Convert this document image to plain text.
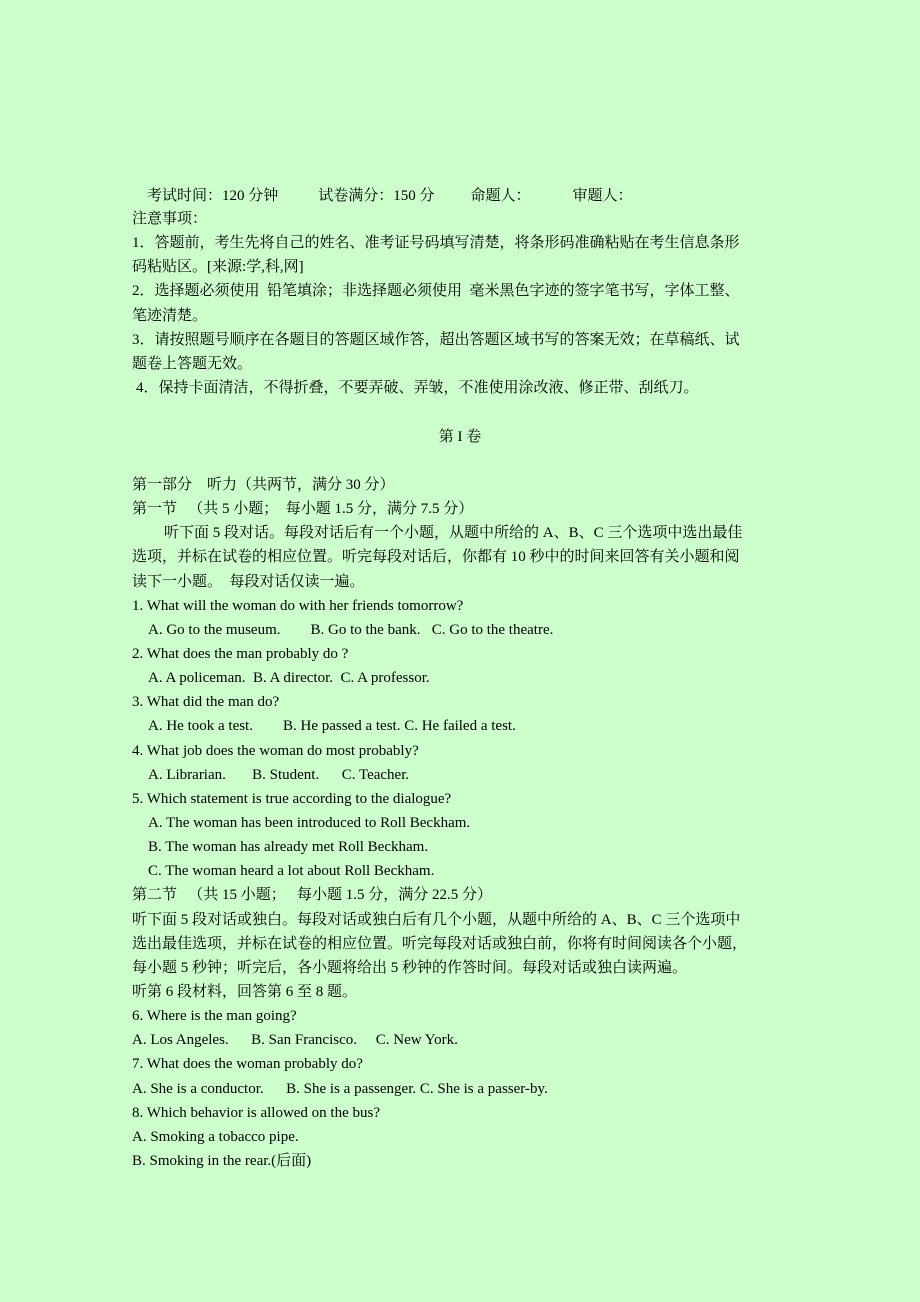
考试时间：120 分钟	试卷满分：150 分 命题人：	审题人：

注意事项：
1．答题前，考生先将自己的姓名、准考证号码填写清楚，将条形码准确粘贴在考生信息条形
码粘贴区。[来源:学,科,网]
2．选择题必须使用  铅笔填涂；非选择题必须使用  毫米黑色字迹的签字笔书写，字体工整、
笔迹清楚。
3．请按照题号顺序在各题目的答题区域作答，超出答题区域书写的答案无效；在草稿纸、试
题卷上答题无效。
4．保持卡面清洁，不得折叠，不要弄破、弄皱，不准使用涂改液、修正带、刮纸刀。
第 I 卷
第一部分    听力（共两节，满分 30 分）
第一节   （共 5 小题；  每小题 1.5 分，满分 7.5 分）
听下面 5 段对话。每段对话后有一个小题，从题中所给的 A、B、C 三个选项中选出最佳
选项，并标在试卷的相应位置。听完每段对话后，你都有 10 秒中的时间来回答有关小题和阅
读下一小题。  每段对话仅读一遍。
1. What will the woman do with her friends tomorrow?
A. Go to the museum.        B. Go to the bank.   C. Go to the theatre.
2. What does the man probably do ?
A. A policeman.  B. A director.  C. A professor.
3. What did the man do?
A. He took a test.        B. He passed a test. C. He failed a test.
4. What job does the woman do most probably?
A. Librarian.       B. Student.      C. Teacher.
5. Which statement is true according to the dialogue?
A. The woman has been introduced to Roll Beckham.
B. The woman has already met Roll Beckham.
C. The woman heard a lot about Roll Beckham.
第二节   （共 15 小题；   每小题 1.5 分，满分 22.5 分）
听下面 5 段对话或独白。每段对话或独白后有几个小题，从题中所给的 A、B、C 三个选项中
选出最佳选项，并标在试卷的相应位置。听完每段对话或独白前，你将有时间阅读各个小题，
每小题 5 秒钟；听完后，各小题将给出 5 秒钟的作答时间。每段对话或独白读两遍。
听第 6 段材料，回答第 6 至 8 题。
6. Where is the man going?
A. Los Angeles.      B. San Francisco.     C. New York.
7. What does the woman probably do?
A. She is a conductor.      B. She is a passenger. C. She is a passer-by.
8. Which behavior is allowed on the bus?
A. Smoking a tobacco pipe.
B. Smoking in the rear.(后面)
